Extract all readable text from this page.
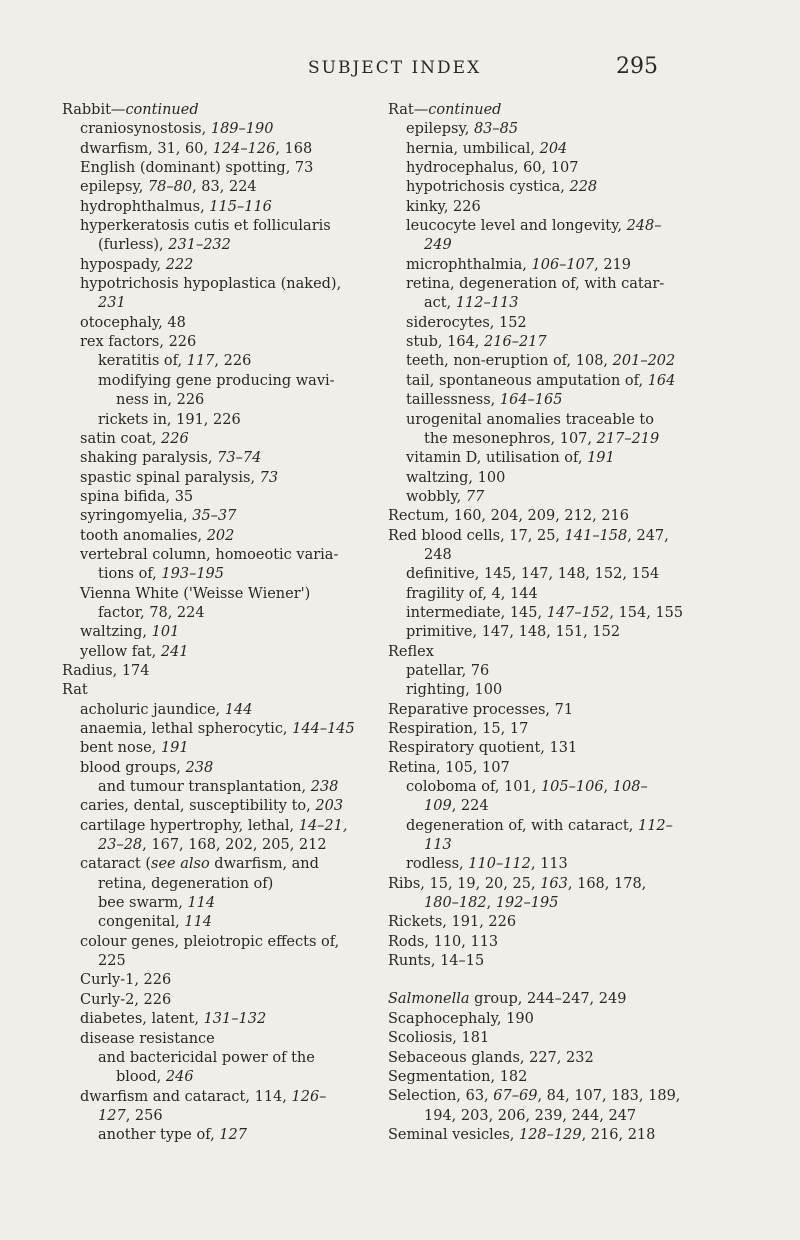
SUBJECT INDEX	295
Rabbit—continued
craniosynostosis, 189–190
dwarfism, 31, 60, 124–126, 168
English (dominant) spotting, 73
epilepsy, 78–80, 83, 224
hydrophthalmus, 115–116
hyperkeratosis cutis et follicularis
(furless), 231–232
hypospady, 222
hypotrichosis hypoplastica (naked),
231
otocephaly, 48
rex factors, 226
keratitis of, 117, 226
modifying gene producing wavi-
ness in, 226
rickets in, 191, 226
satin coat, 226
shaking paralysis, 73–74
spastic spinal paralysis, 73
spina bifida, 35
syringomyelia, 35–37
tooth anomalies, 202
vertebral column, homoeotic varia-
tions of, 193–195
Vienna White ('Weisse Wiener')
factor, 78, 224
waltzing, 101
yellow fat, 241
Radius, 174
Rat
acholuric jaundice, 144
anaemia, lethal spherocytic, 144–145
bent nose, 191
blood groups, 238
and tumour transplantation, 238
caries, dental, susceptibility to, 203
cartilage hypertrophy, lethal, 14–21,
23–28, 167, 168, 202, 205, 212
cataract (see also dwarfism, and
retina, degeneration of)
bee swarm, 114
congenital, 114
colour genes, pleiotropic effects of,
225
Curly-1, 226
Curly-2, 226
diabetes, latent, 131–132
disease resistance
and bactericidal power of the
blood, 246
dwarfism and cataract, 114, 126–
127, 256
another type of, 127
Rat—continued
epilepsy, 83–85
hernia, umbilical, 204
hydrocephalus, 60, 107
hypotrichosis cystica, 228
kinky, 226
leucocyte level and longevity, 248–
249
microphthalmia, 106–107, 219
retina, degeneration of, with catar-
act, 112–113
siderocytes, 152
stub, 164, 216–217
teeth, non-eruption of, 108, 201–202
tail, spontaneous amputation of, 164
taillessness, 164–165
urogenital anomalies traceable to
the mesonephros, 107, 217–219
vitamin D, utilisation of, 191
waltzing, 100
wobbly, 77
Rectum, 160, 204, 209, 212, 216
Red blood cells, 17, 25, 141–158, 247,
248
definitive, 145, 147, 148, 152, 154
fragility of, 4, 144
intermediate, 145, 147–152, 154, 155
primitive, 147, 148, 151, 152
Reflex
patellar, 76
righting, 100
Reparative processes, 71
Respiration, 15, 17
Respiratory quotient, 131
Retina, 105, 107
coloboma of, 101, 105–106, 108–
109, 224
degeneration of, with cataract, 112–
113
rodless, 110–112, 113
Ribs, 15, 19, 20, 25, 163, 168, 178,
180–182, 192–195
Rickets, 191, 226
Rods, 110, 113
Runts, 14–15
Salmonella group, 244–247, 249
Scaphocephaly, 190
Scoliosis, 181
Sebaceous glands, 227, 232
Segmentation, 182
Selection, 63, 67–69, 84, 107, 183, 189,
194, 203, 206, 239, 244, 247
Seminal vesicles, 128–129, 216, 218
